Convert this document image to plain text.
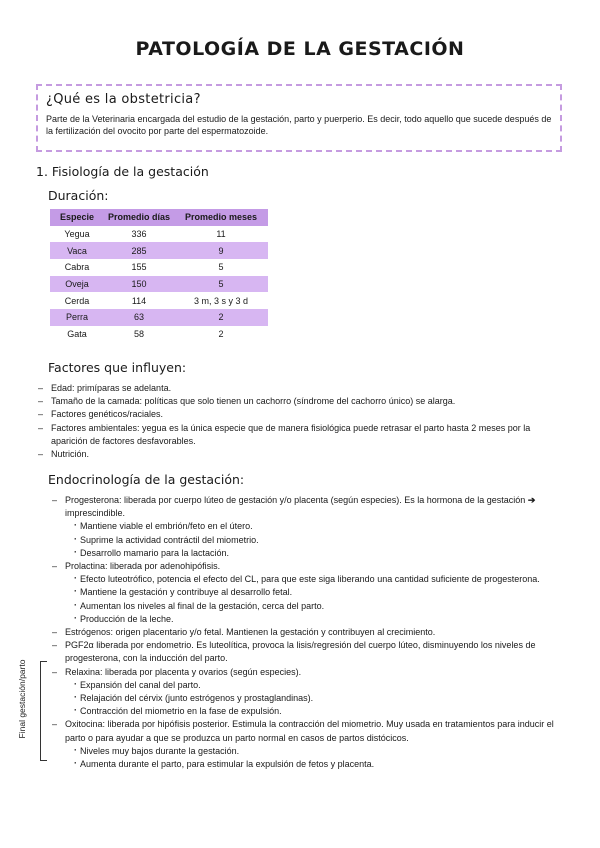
PATOLOGÍA DE LA GESTACIÓN
¿Qué es la obstetricia?
Parte de la Veterinaria encargada del estudio de la gestación, parto y puerperio. Es decir, todo aquello que sucede después de la fertilización del ovocito por parte del espermatozoide.
1. Fisiología de la gestación
Duración:
Especie	Promedio días	Promedio meses
Yegua	336	11
Vaca	285	9
Cabra	155	5
Oveja	150	5
Cerda	114	3 m, 3 s y 3 d
Perra	63	2
Gata	58	2
Factores que influyen:
– Edad: primíparas se adelanta.
– Tamaño de la camada: políticas que solo tienen un cachorro (síndrome del cachorro único) se alarga.
– Factores genéticos/raciales.
– Factores ambientales: yegua es la única especie que de manera fisiológica puede retrasar el parto hasta 2 meses por la aparición de factores desfavorables.
– Nutrición.
Endocrinología de la gestación:
– Progesterona: liberada por cuerpo lúteo de gestación y/o placenta (según especies). Es la hormona de la gestación ➔ imprescindible.
· Mantiene viable el embrión/feto en el útero.
· Suprime la actividad contráctil del miometrio.
· Desarrollo mamario para la lactación.
– Prolactina: liberada por adenohipófisis.
· Efecto luteotrófico, potencia el efecto del CL, para que este siga liberando una cantidad suficiente de progesterona.
· Mantiene la gestación y contribuye al desarrollo fetal.
· Aumentan los niveles al final de la gestación, cerca del parto.
· Producción de la leche.
– Estrógenos: origen placentario y/o fetal. Mantienen la gestación y contribuyen al crecimiento.
– PGF2α liberada por endometrio. Es luteolítica, provoca la lisis/regresión del cuerpo lúteo, disminuyendo los niveles de progesterona, con la inducción del parto.
– Relaxina: liberada por placenta y ovarios (según especies).
· Expansión del canal del parto.
· Relajación del cérvix (junto estrógenos y prostaglandinas).
· Contracción del miometrio en la fase de expulsión.
– Oxitocina: liberada por hipófisis posterior. Estimula la contracción del miometrio. Muy usada en tratamientos para inducir el parto o para ayudar a que se produzca un parto normal en casos de partos distócicos.
· Niveles muy bajos durante la gestación.
· Aumenta durante el parto, para estimular la expulsión de fetos y placenta.
Final gestación/parto
